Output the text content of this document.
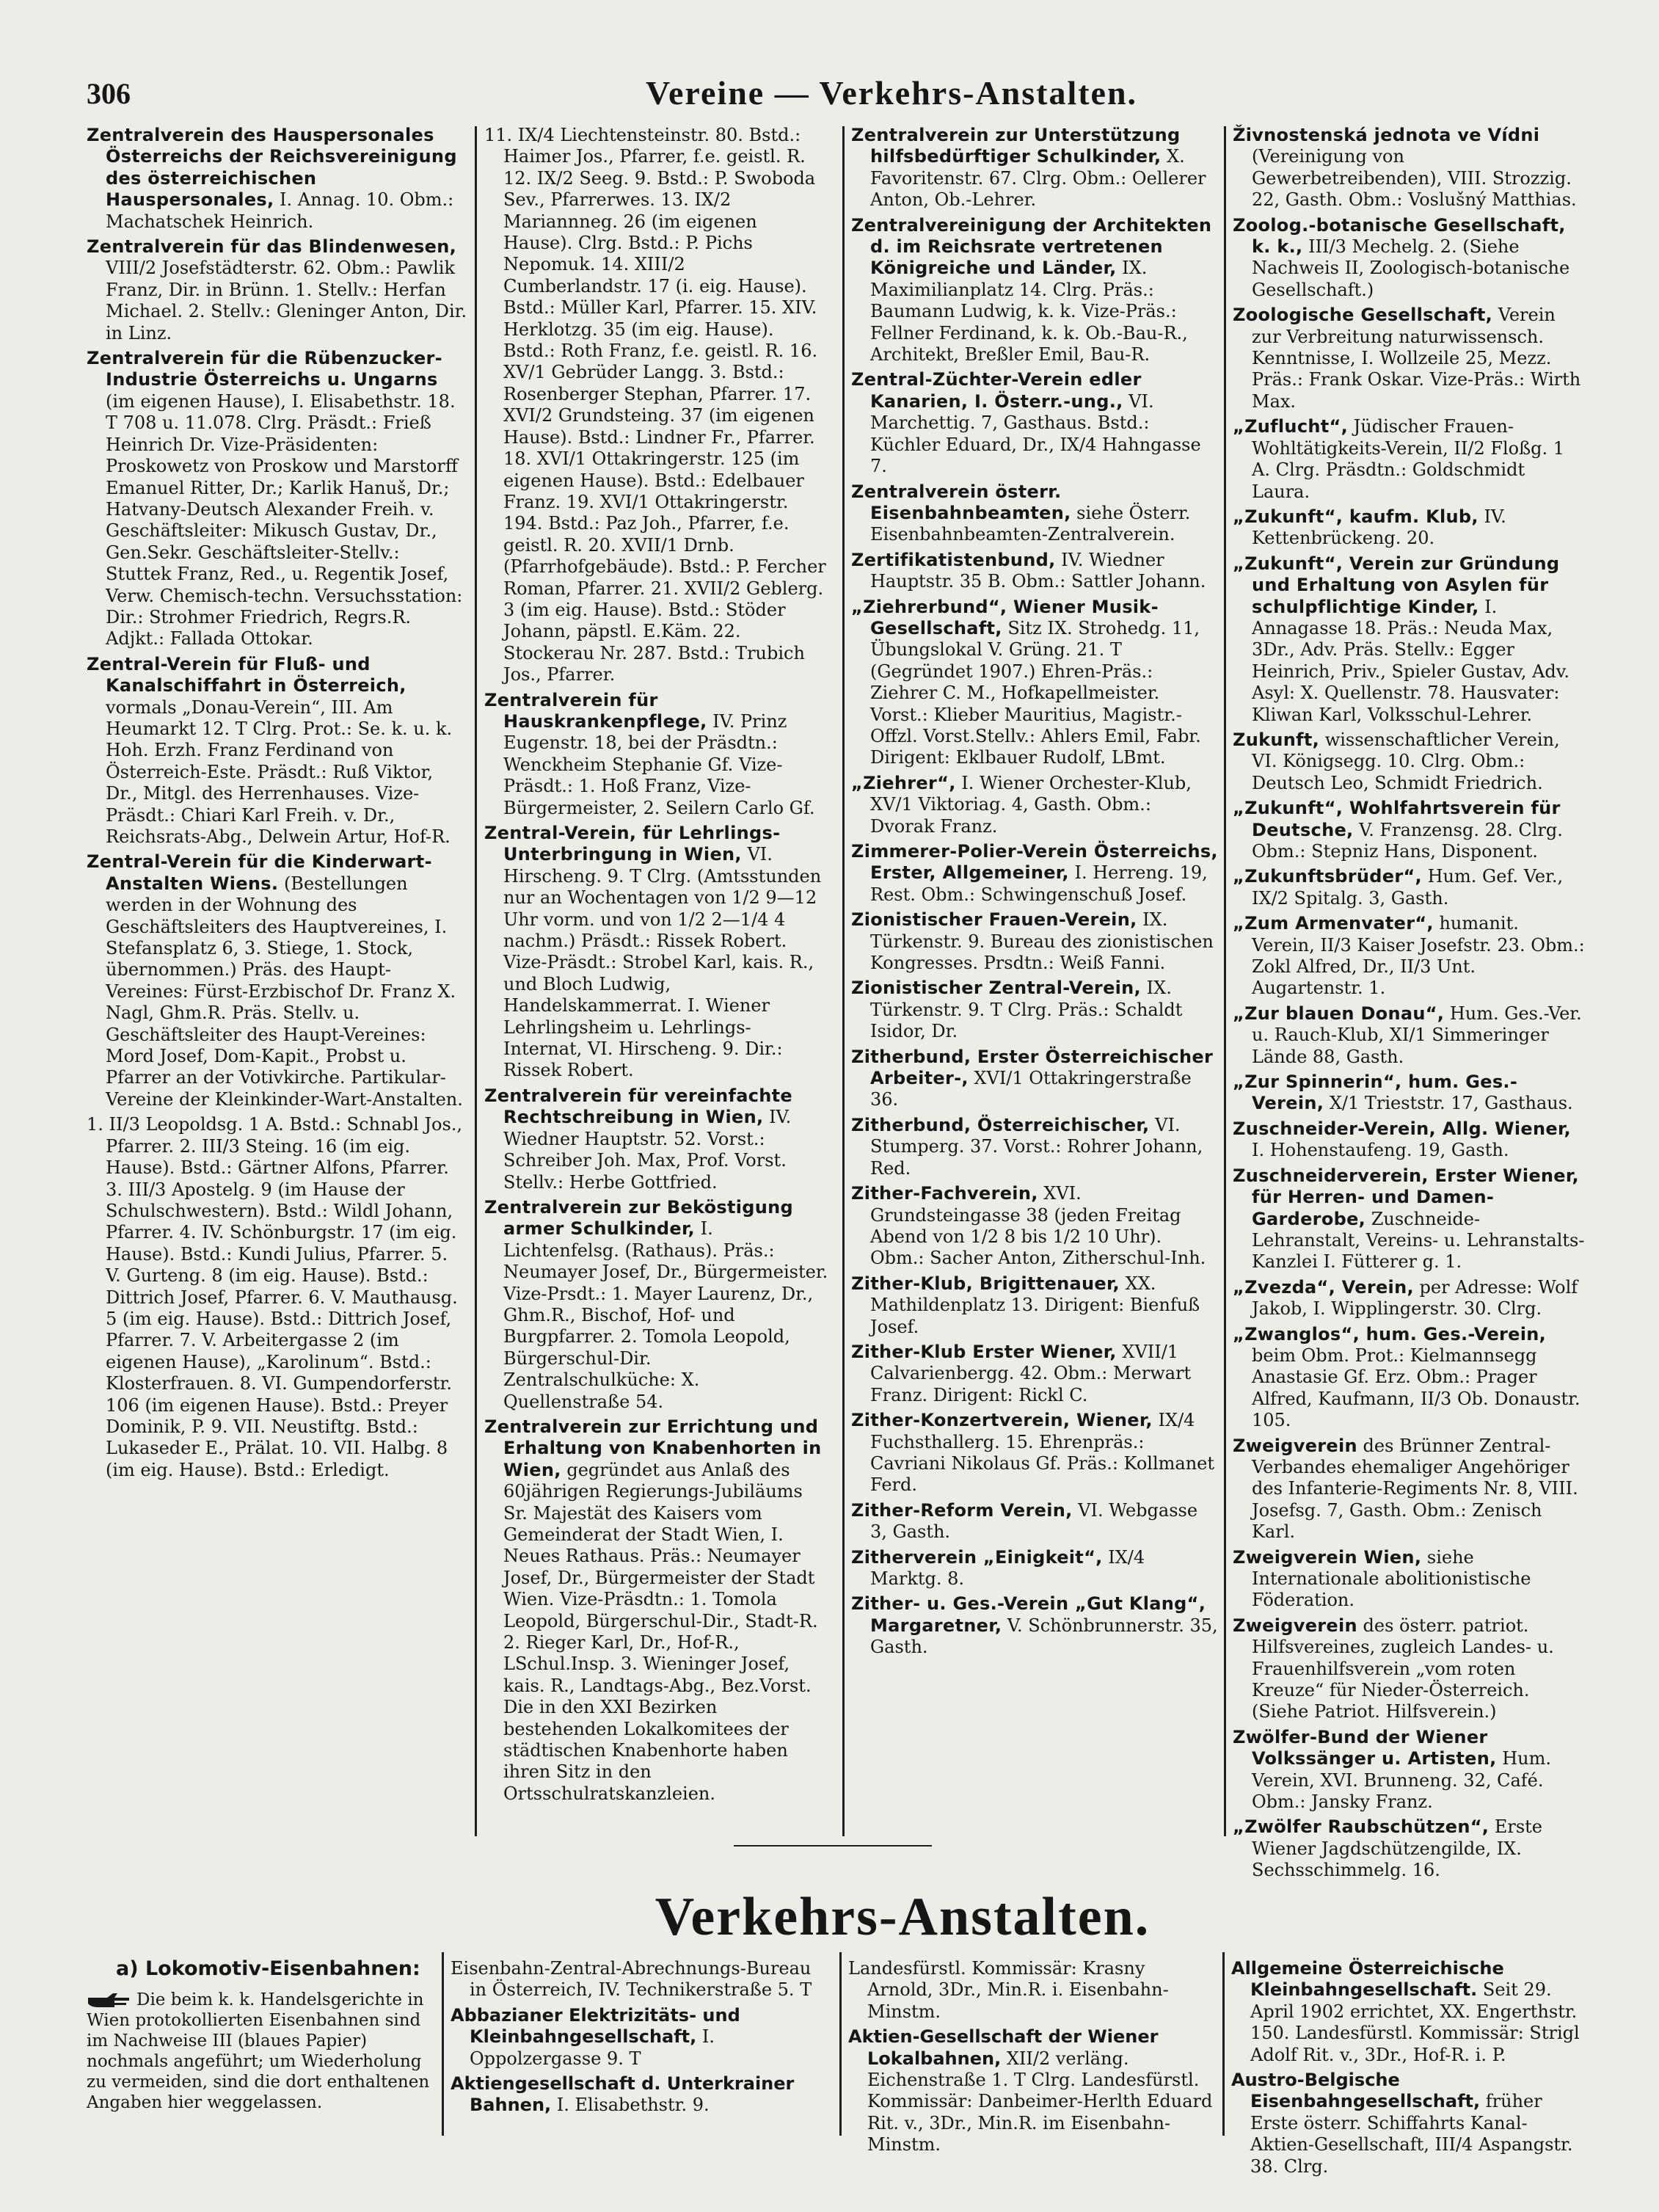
306	Vereine — Verkehrs-Anstalten.

Zentralverein des Hauspersonales Österreichs der Reichsvereinigung des österreichischen Hauspersonales, I. Annag. 10. Obm.: Machatschek Heinrich.

Zentralverein für das Blindenwesen, VIII/2 Josefstädterstr. 62. Obm.: Pawlik Franz, Dir. in Brünn. 1. Stellv.: Herfan Michael. 2. Stellv.: Gleninger Anton, Dir. in Linz.

Zentralverein für die Rübenzucker-Industrie Österreichs u. Ungarns (im eigenen Hause), I. Elisabethstr. 18. T 708 u. 11.078. Clrg. Präsdt.: Frieß Heinrich Dr. Vize-Präsidenten: Proskowetz von Proskow und Marstorff Emanuel Ritter, Dr.; Karlik Hanuš, Dr.; Hatvany-Deutsch Alexander Freih. v. Geschäftsleiter: Mikusch Gustav, Dr., Gen.Sekr. Geschäftsleiter-Stellv.: Stuttek Franz, Red., u. Regentik Josef, Verw. Chemisch-techn. Versuchsstation: Dir.: Strohmer Friedrich, Regrs.R. Adjkt.: Fallada Ottokar.

Zentral-Verein für Fluß- und Kanalschiffahrt in Österreich, vormals „Donau-Verein“, III. Am Heumarkt 12. T Clrg. Prot.: Se. k. u. k. Hoh. Erzh. Franz Ferdinand von Österreich-Este. Präsdt.: Ruß Viktor, Dr., Mitgl. des Herrenhauses. Vize-Präsdt.: Chiari Karl Freih. v. Dr., Reichsrats-Abg., Delwein Artur, Hof-R.

Zentral-Verein für die Kinderwart-Anstalten Wiens. (Bestellungen werden in der Wohnung des Geschäftsleiters des Hauptvereines, I. Stefansplatz 6, 3. Stiege, 1. Stock, übernommen.) Präs. des Haupt-Vereines: Fürst-Erzbischof Dr. Franz X. Nagl, Ghm.R. Präs. Stellv. u. Geschäftsleiter des Haupt-Vereines: Mord Josef, Dom-Kapit., Probst u. Pfarrer an der Votivkirche. Partikular-Vereine der Kleinkinder-Wart-Anstalten.

1. II/3 Leopoldsg. 1 A. Bstd.: Schnabl Jos., Pfarrer. 2. III/3 Steing. 16 (im eig. Hause). Bstd.: Gärtner Alfons, Pfarrer. 3. III/3 Apostelg. 9 (im Hause der Schulschwestern). Bstd.: Wildl Johann, Pfarrer. 4. IV. Schönburgstr. 17 (im eig. Hause). Bstd.: Kundi Julius, Pfarrer. 5. V. Gurteng. 8 (im eig. Hause). Bstd.: Dittrich Josef, Pfarrer. 6. V. Mauthausg. 5 (im eig. Hause). Bstd.: Dittrich Josef, Pfarrer. 7. V. Arbeitergasse 2 (im eigenen Hause), „Karolinum“. Bstd.: Klosterfrauen. 8. VI. Gumpendorferstr. 106 (im eigenen Hause). Bstd.: Preyer Dominik, P. 9. VII. Neustiftg. Bstd.: Lukaseder E., Prälat. 10. VII. Halbg. 8 (im eig. Hause). Bstd.: Erledigt.

11. IX/4 Liechtensteinstr. 80. Bstd.: Haimer Jos., Pfarrer, f.e. geistl. R. 12. IX/2 Seeg. 9. Bstd.: P. Swoboda Sev., Pfarrerwes. 13. IX/2 Mariannneg. 26 (im eigenen Hause). Clrg. Bstd.: P. Pichs Nepomuk. 14. XIII/2 Cumberlandstr. 17 (i. eig. Hause). Bstd.: Müller Karl, Pfarrer. 15. XIV. Herklotzg. 35 (im eig. Hause). Bstd.: Roth Franz, f.e. geistl. R. 16. XV/1 Gebrüder Langg. 3. Bstd.: Rosenberger Stephan, Pfarrer. 17. XVI/2 Grundsteing. 37 (im eigenen Hause). Bstd.: Lindner Fr., Pfarrer. 18. XVI/1 Ottakringerstr. 125 (im eigenen Hause). Bstd.: Edelbauer Franz. 19. XVI/1 Ottakringerstr. 194. Bstd.: Paz Joh., Pfarrer, f.e. geistl. R. 20. XVII/1 Drnb. (Pfarrhofgebäude). Bstd.: P. Fercher Roman, Pfarrer. 21. XVII/2 Geblerg. 3 (im eig. Hause). Bstd.: Stöder Johann, päpstl. E.Käm. 22. Stockerau Nr. 287. Bstd.: Trubich Jos., Pfarrer.

Zentralverein für Hauskrankenpflege, IV. Prinz Eugenstr. 18, bei der Präsdtn.: Wenckheim Stephanie Gf. Vize-Präsdt.: 1. Hoß Franz, Vize-Bürgermeister, 2. Seilern Carlo Gf.

Zentral-Verein, für Lehrlings-Unterbringung in Wien, VI. Hirscheng. 9. T Clrg. (Amtsstunden nur an Wochentagen von 1/2 9—12 Uhr vorm. und von 1/2 2—1/4 4 nachm.) Präsdt.: Rissek Robert. Vize-Präsdt.: Strobel Karl, kais. R., und Bloch Ludwig, Handelskammerrat. I. Wiener Lehrlingsheim u. Lehrlings-Internat, VI. Hirscheng. 9. Dir.: Rissek Robert.

Zentralverein für vereinfachte Rechtschreibung in Wien, IV. Wiedner Hauptstr. 52. Vorst.: Schreiber Joh. Max, Prof. Vorst. Stellv.: Herbe Gottfried.

Zentralverein zur Beköstigung armer Schulkinder, I. Lichtenfelsg. (Rathaus). Präs.: Neumayer Josef, Dr., Bürgermeister. Vize-Prsdt.: 1. Mayer Laurenz, Dr., Ghm.R., Bischof, Hof- und Burgpfarrer. 2. Tomola Leopold, Bürgerschul-Dir. Zentralschulküche: X. Quellenstraße 54.

Zentralverein zur Errichtung und Erhaltung von Knabenhorten in Wien, gegründet aus Anlaß des 60jährigen Regierungs-Jubiläums Sr. Majestät des Kaisers vom Gemeinderat der Stadt Wien, I. Neues Rathaus. Präs.: Neumayer Josef, Dr., Bürgermeister der Stadt Wien. Vize-Präsdtn.: 1. Tomola Leopold, Bürgerschul-Dir., Stadt-R. 2. Rieger Karl, Dr., Hof-R., LSchul.Insp. 3. Wieninger Josef, kais. R., Landtags-Abg., Bez.Vorst. Die in den XXI Bezirken bestehenden Lokalkomitees der städtischen Knabenhorte haben ihren Sitz in den Ortsschulratskanzleien.

Zentralverein zur Unterstützung hilfsbedürftiger Schulkinder, X. Favoritenstr. 67. Clrg. Obm.: Oellerer Anton, Ob.-Lehrer.

Zentralvereinigung der Architekten d. im Reichsrate vertretenen Königreiche und Länder, IX. Maximilianplatz 14. Clrg. Präs.: Baumann Ludwig, k. k. Vize-Präs.: Fellner Ferdinand, k. k. Ob.-Bau-R., Architekt, Breßler Emil, Bau-R.

Zentral-Züchter-Verein edler Kanarien, I. Österr.-ung., VI. Marchettig. 7, Gasthaus. Bstd.: Küchler Eduard, Dr., IX/4 Hahngasse 7.

Zentralverein österr. Eisenbahnbeamten, siehe Österr. Eisenbahnbeamten-Zentralverein.

Zertifikatistenbund, IV. Wiedner Hauptstr. 35 B. Obm.: Sattler Johann.

„Ziehrerbund“, Wiener Musik-Gesellschaft, Sitz IX. Strohedg. 11, Übungslokal V. Grüng. 21. T (Gegründet 1907.) Ehren-Präs.: Ziehrer C. M., Hofkapellmeister. Vorst.: Klieber Mauritius, Magistr.-Offzl. Vorst.Stellv.: Ahlers Emil, Fabr. Dirigent: Eklbauer Rudolf, LBmt.

„Ziehrer“, I. Wiener Orchester-Klub, XV/1 Viktoriag. 4, Gasth. Obm.: Dvorak Franz.

Zimmerer-Polier-Verein Österreichs, Erster, Allgemeiner, I. Herreng. 19, Rest. Obm.: Schwingenschuß Josef.

Zionistischer Frauen-Verein, IX. Türkenstr. 9. Bureau des zionistischen Kongresses. Prsdtn.: Weiß Fanni.

Zionistischer Zentral-Verein, IX. Türkenstr. 9. T Clrg. Präs.: Schaldt Isidor, Dr.

Zitherbund, Erster Österreichischer Arbeiter-, XVI/1 Ottakringerstraße 36.

Zitherbund, Österreichischer, VI. Stumperg. 37. Vorst.: Rohrer Johann, Red.

Zither-Fachverein, XVI. Grundsteingasse 38 (jeden Freitag Abend von 1/2 8 bis 1/2 10 Uhr). Obm.: Sacher Anton, Zitherschul-Inh.

Zither-Klub, Brigittenauer, XX. Mathildenplatz 13. Dirigent: Bienfuß Josef.

Zither-Klub Erster Wiener, XVII/1 Calvarienbergg. 42. Obm.: Merwart Franz. Dirigent: Rickl C.

Zither-Konzertverein, Wiener, IX/4 Fuchsthallerg. 15. Ehrenpräs.: Cavriani Nikolaus Gf. Präs.: Kollmanet Ferd.

Zither-Reform Verein, VI. Webgasse 3, Gasth.

Zitherverein „Einigkeit“, IX/4 Marktg. 8.

Zither- u. Ges.-Verein „Gut Klang“, Margaretner, V. Schönbrunnerstr. 35, Gasth.

Živnostenská jednota ve Vídni (Vereinigung von Gewerbetreibenden), VIII. Strozzig. 22, Gasth. Obm.: Voslušný Matthias.

Zoolog.-botanische Gesellschaft, k. k., III/3 Mechelg. 2. (Siehe Nachweis II, Zoologisch-botanische Gesellschaft.)

Zoologische Gesellschaft, Verein zur Verbreitung naturwissensch. Kenntnisse, I. Wollzeile 25, Mezz. Präs.: Frank Oskar. Vize-Präs.: Wirth Max.

„Zuflucht“, Jüdischer Frauen-Wohltätigkeits-Verein, II/2 Floßg. 1 A. Clrg. Präsdtn.: Goldschmidt Laura.

„Zukunft“, kaufm. Klub, IV. Kettenbrückeng. 20.

„Zukunft“, Verein zur Gründung und Erhaltung von Asylen für schulpflichtige Kinder, I. Annagasse 18. Präs.: Neuda Max, 3Dr., Adv. Präs. Stellv.: Egger Heinrich, Priv., Spieler Gustav, Adv. Asyl: X. Quellenstr. 78. Hausvater: Kliwan Karl, Volksschul-Lehrer.

Zukunft, wissenschaftlicher Verein, VI. Königsegg. 10. Clrg. Obm.: Deutsch Leo, Schmidt Friedrich.

„Zukunft“, Wohlfahrtsverein für Deutsche, V. Franzensg. 28. Clrg. Obm.: Stepniz Hans, Disponent.

„Zukunftsbrüder“, Hum. Gef. Ver., IX/2 Spitalg. 3, Gasth.

„Zum Armenvater“, humanit. Verein, II/3 Kaiser Josefstr. 23. Obm.: Zokl Alfred, Dr., II/3 Unt. Augartenstr. 1.

„Zur blauen Donau“, Hum. Ges.-Ver. u. Rauch-Klub, XI/1 Simmeringer Lände 88, Gasth.

„Zur Spinnerin“, hum. Ges.-Verein, X/1 Trieststr. 17, Gasthaus.

Zuschneider-Verein, Allg. Wiener, I. Hohenstaufeng. 19, Gasth.

Zuschneiderverein, Erster Wiener, für Herren- und Damen-Garderobe, Zuschneide-Lehranstalt, Vereins- u. Lehranstalts-Kanzlei I. Fütterer g. 1.

„Zvezda“, Verein, per Adresse: Wolf Jakob, I. Wipplingerstr. 30. Clrg.

„Zwanglos“, hum. Ges.-Verein, beim Obm. Prot.: Kielmannsegg Anastasie Gf. Erz. Obm.: Prager Alfred, Kaufmann, II/3 Ob. Donaustr. 105.

Zweigverein des Brünner Zentral-Verbandes ehemaliger Angehöriger des Infanterie-Regiments Nr. 8, VIII. Josefsg. 7, Gasth. Obm.: Zenisch Karl.

Zweigverein Wien, siehe Internationale abolitionistische Föderation.

Zweigverein des österr. patriot. Hilfsvereines, zugleich Landes- u. Frauenhilfsverein „vom roten Kreuze“ für Nieder-Österreich. (Siehe Patriot. Hilfsverein.)

Zwölfer-Bund der Wiener Volkssänger u. Artisten, Hum. Verein, XVI. Brunneng. 32, Café. Obm.: Jansky Franz.

„Zwölfer Raubschützen“, Erste Wiener Jagdschützengilde, IX. Sechsschimmelg. 16.

Verkehrs-Anstalten.
a) Lokomotiv-Eisenbahnen:
Die beim k. k. Handelsgerichte in Wien protokollierten Eisenbahnen sind im Nachweise III (blaues Papier) nochmals angeführt; um Wiederholung zu vermeiden, sind die dort enthaltenen Angaben hier weggelassen.

Eisenbahn-Zentral-Abrechnungs-Bureau in Österreich, IV. Technikerstraße 5. T

Abbazianer Elektrizitäts- und Kleinbahngesellschaft, I. Oppolzergasse 9. T

Aktiengesellschaft d. Unterkrainer Bahnen, I. Elisabethstr. 9.

Landesfürstl. Kommissär: Krasny Arnold, 3Dr., Min.R. i. Eisenbahn-Minstm.

Aktien-Gesellschaft der Wiener Lokalbahnen, XII/2 verläng. Eichenstraße 1. T Clrg. Landesfürstl. Kommissär: Danbeimer-Herlth Eduard Rit. v., 3Dr., Min.R. im Eisenbahn-Minstm.

Allgemeine Österreichische Kleinbahngesellschaft. Seit 29. April 1902 errichtet, XX. Engerthstr. 150. Landesfürstl. Kommissär: Strigl Adolf Rit. v., 3Dr., Hof-R. i. P.

Austro-Belgische Eisenbahngesellschaft, früher Erste österr. Schiffahrts Kanal-Aktien-Gesellschaft, III/4 Aspangstr. 38. Clrg.
